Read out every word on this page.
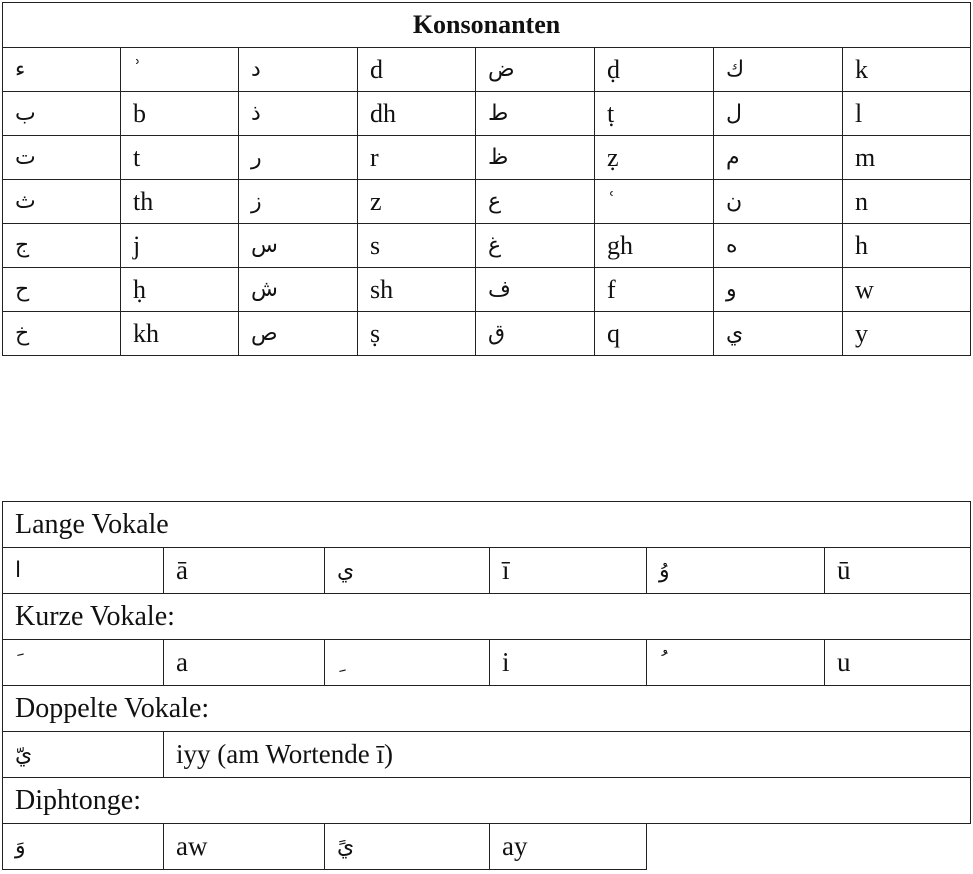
Konsonanten							
ء	ʾ	د	d	ض	ḍ	ك	k
ب	b	ذ	dh	ط	ṭ	ل	l
ت	t	ر	r	ظ	ẓ	م	m
ث	th	ز	z	ع	ʿ	ن	n
ج	j	س	s	غ	gh	ه	h
ح	ḥ	ش	sh	ف	f	و	w
خ	kh	ص	ṣ	ق	q	ي	y
Lange Vokale					
ا	ā	ي	ī	وُ	ū
Kurze Vokale:					
	a		i		u
Doppelte Vokale:					
يّ	iyy (am Wortende ī)				
Diphtonge:					
وَ	aw	يً	ay		
